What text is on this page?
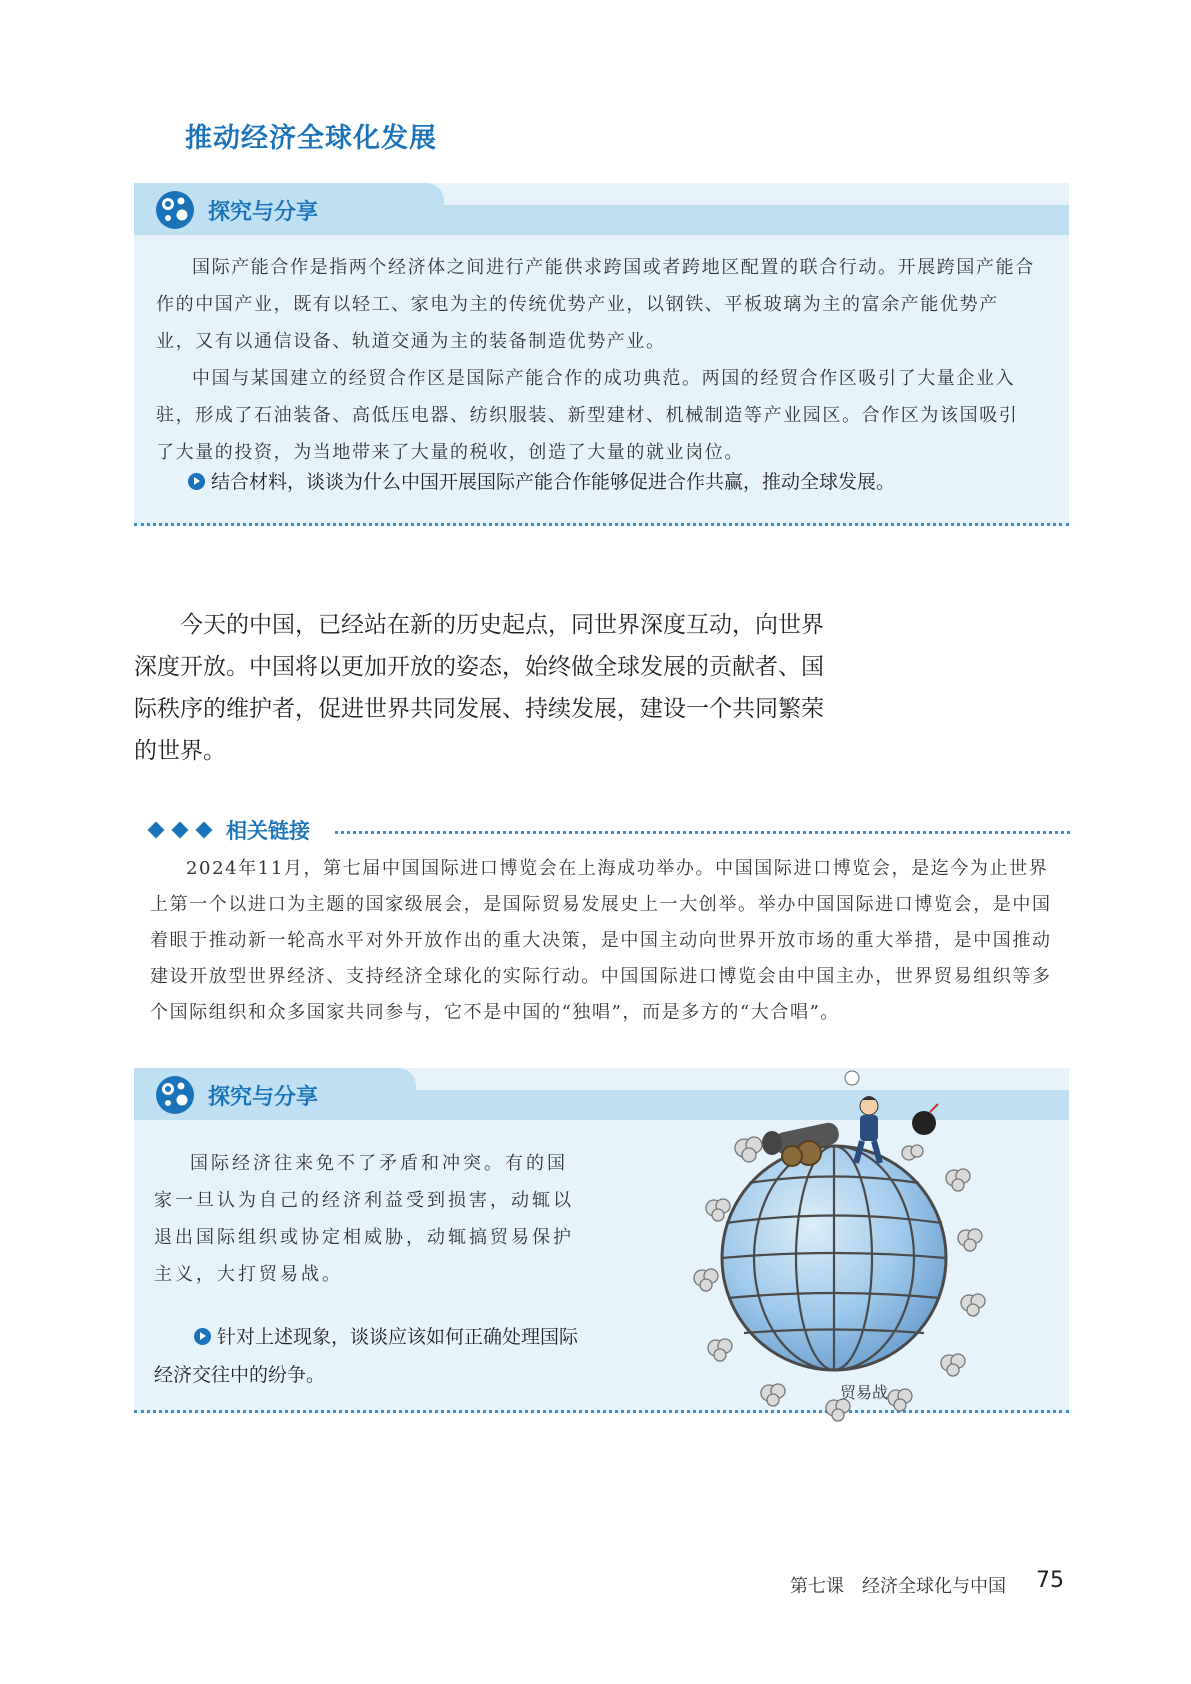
推动经济全球化发展
探究与分享

国际产能合作是指两个经济体之间进行产能供求跨国或者跨地区配置的联合行动。开展跨国产能合作的中国产业，既有以轻工、家电为主的传统优势产业，以钢铁、平板玻璃为主的富余产能优势产业，又有以通信设备、轨道交通为主的装备制造优势产业。

中国与某国建立的经贸合作区是国际产能合作的成功典范。两国的经贸合作区吸引了大量企业入驻，形成了石油装备、高低压电器、纺织服装、新型建材、机械制造等产业园区。合作区为该国吸引了大量的投资，为当地带来了大量的税收，创造了大量的就业岗位。

结合材料，谈谈为什么中国开展国际产能合作能够促进合作共赢，推动全球发展。

今天的中国，已经站在新的历史起点，同世界深度互动，向世界深度开放。中国将以更加开放的姿态，始终做全球发展的贡献者、国际秩序的维护者，促进世界共同发展、持续发展，建设一个共同繁荣的世界。

相关链接

2024年11月，第七届中国国际进口博览会在上海成功举办。中国国际进口博览会，是迄今为止世界上第一个以进口为主题的国家级展会，是国际贸易发展史上一大创举。举办中国国际进口博览会，是中国着眼于推动新一轮高水平对外开放作出的重大决策，是中国主动向世界开放市场的重大举措，是中国推动建设开放型世界经济、支持经济全球化的实际行动。中国国际进口博览会由中国主办，世界贸易组织等多个国际组织和众多国家共同参与，它不是中国的“独唱”，而是多方的“大合唱”。

探究与分享

国际经济往来免不了矛盾和冲突。有的国家一旦认为自己的经济利益受到损害，动辄以退出国际组织或协定相威胁，动辄搞贸易保护主义，大打贸易战。

针对上述现象，谈谈应该如何正确处理国际经济交往中的纷争。
贸易战
第七课　经济全球化与中国 75
